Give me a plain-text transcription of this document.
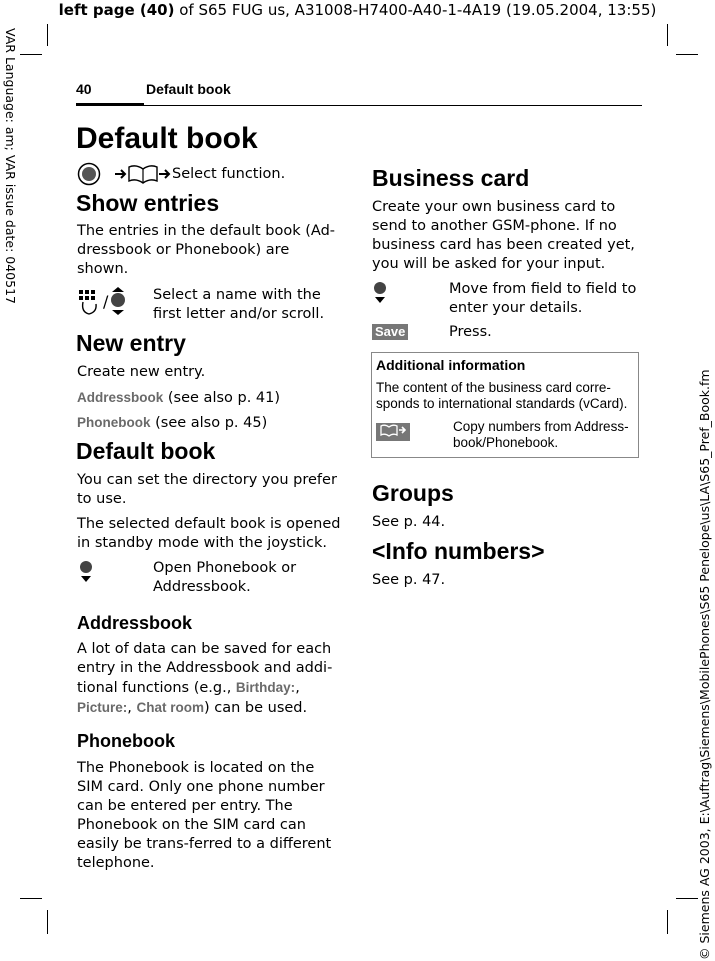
left page (40) of S65 FUG us, A31008-H7400-A40-1-4A19 (19.05.2004, 13:55)
VAR Language: am; VAR issue date: 040517
© Siemens AG 2003, E:\Auftrag\Siemens\MobilePhones\S65 Penelope\us\LA\S65_Pref_Book.fm
40	Default book
Default book
Select function.
Show entries

The entries in the default book (Ad-dressbook or Phonebook) are shown.

/	Select a name with the first letter and/or scroll.

New entry

Create new entry.

Addressbook (see also p. 41)

Phonebook (see also p. 45)

Default book

You can set the directory you prefer to use.

The selected default book is opened in standby mode with the joystick.

Open Phonebook or Addressbook.

Addressbook

A lot of data can be saved for each entry in the Addressbook and addi-tional functions (e.g., Birthday:, Picture:, Chat room) can be used.

Phonebook

The Phonebook is located on the SIM card. Only one phone number can be entered per entry. The Phonebook on the SIM card can easily be trans-ferred to a different telephone.

Business card

Create your own business card to send to another GSM-phone. If no business card has been created yet, you will be asked for your input.

Move from field to field to enter your details.

Save	Press.

Additional information
The content of the business card corre-sponds to international standards (vCard).
Copy numbers from Address-book/Phonebook.
Groups

See p. 44.

<Info numbers>

See p. 47.
